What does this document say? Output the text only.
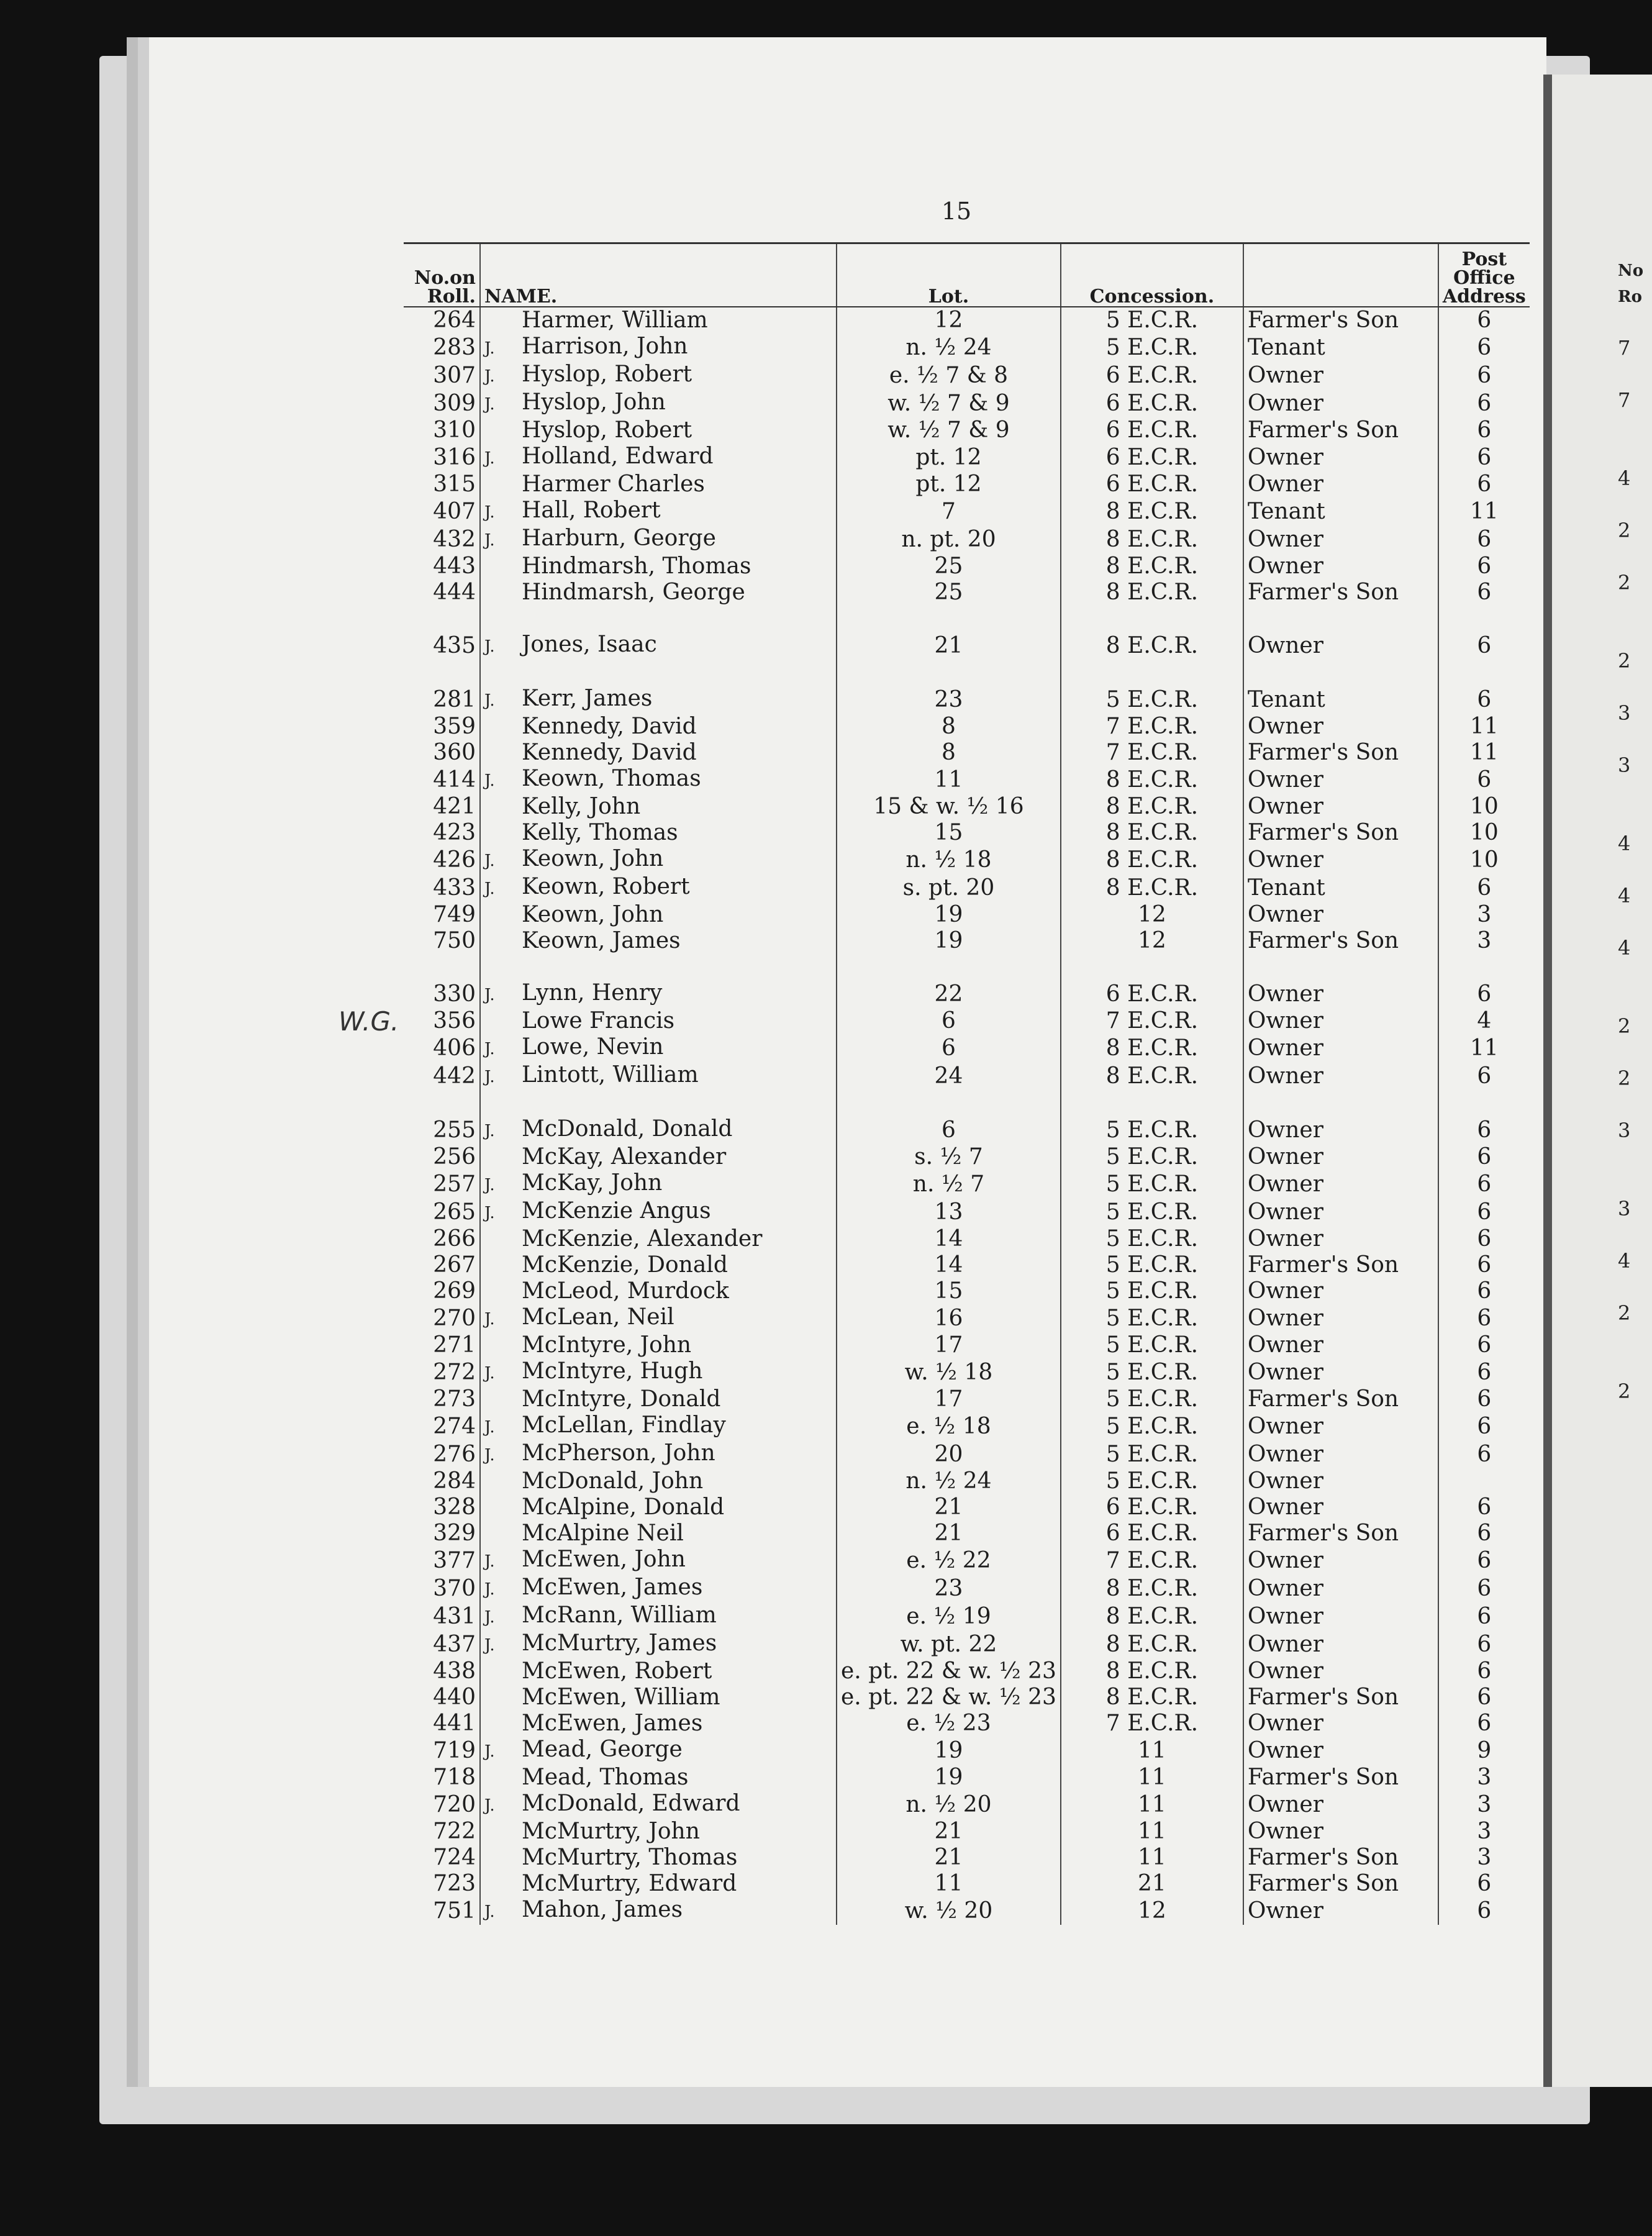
15
No.on Roll.	NAME.	Lot.	Concession.		Post Office Address
264	Harmer, William	12	5 E.C.R.	Farmer's Son	6
283	J. Harrison, John	n. ½ 24	5 E.C.R.	Tenant	6
307	J. Hyslop, Robert	e. ½ 7 & 8	6 E.C.R.	Owner	6
309	J. Hyslop, John	w. ½ 7 & 9	6 E.C.R.	Owner	6
310	Hyslop, Robert	w. ½ 7 & 9	6 E.C.R.	Farmer's Son	6
316	J. Holland, Edward	pt. 12	6 E.C.R.	Owner	6
315	Harmer Charles	pt. 12	6 E.C.R.	Owner	6
407	J. Hall, Robert	7	8 E.C.R.	Tenant	11
432	J. Harburn, George	n. pt. 20	8 E.C.R.	Owner	6
443	Hindmarsh, Thomas	25	8 E.C.R.	Owner	6
444	Hindmarsh, George	25	8 E.C.R.	Farmer's Son	6

435	J. Jones, Isaac	21	8 E.C.R.	Owner	6

281	J. Kerr, James	23	5 E.C.R.	Tenant	6
359	Kennedy, David	8	7 E.C.R.	Owner	11
360	Kennedy, David	8	7 E.C.R.	Farmer's Son	11
414	J. Keown, Thomas	11	8 E.C.R.	Owner	6
421	Kelly, John	15 & w. ½ 16	8 E.C.R.	Owner	10
423	Kelly, Thomas	15	8 E.C.R.	Farmer's Son	10
426	J. Keown, John	n. ½ 18	8 E.C.R.	Owner	10
433	J. Keown, Robert	s. pt. 20	8 E.C.R.	Tenant	6
749	Keown, John	19	12	Owner	3
750	Keown, James	19	12	Farmer's Son	3

330	J. Lynn, Henry	22	6 E.C.R.	Owner	6
356	Lowe Francis	6	7 E.C.R.	Owner	4
406	J. Lowe, Nevin	6	8 E.C.R.	Owner	11
442	J. Lintott, William	24	8 E.C.R.	Owner	6

255	J. McDonald, Donald	6	5 E.C.R.	Owner	6
256	McKay, Alexander	s. ½ 7	5 E.C.R.	Owner	6
257	J. McKay, John	n. ½ 7	5 E.C.R.	Owner	6
265	J. McKenzie Angus	13	5 E.C.R.	Owner	6
266	McKenzie, Alexander	14	5 E.C.R.	Owner	6
267	McKenzie, Donald	14	5 E.C.R.	Farmer's Son	6
269	McLeod, Murdock	15	5 E.C.R.	Owner	6
270	J. McLean, Neil	16	5 E.C.R.	Owner	6
271	McIntyre, John	17	5 E.C.R.	Owner	6
272	J. McIntyre, Hugh	w. ½ 18	5 E.C.R.	Owner	6
273	McIntyre, Donald	17	5 E.C.R.	Farmer's Son	6
274	J. McLellan, Findlay	e. ½ 18	5 E.C.R.	Owner	6
276	J. McPherson, John	20	5 E.C.R.	Owner	6
284	McDonald, John	n. ½ 24	5 E.C.R.	Owner	
328	McAlpine, Donald	21	6 E.C.R.	Owner	6
329	McAlpine Neil	21	6 E.C.R.	Farmer's Son	6
377	J. McEwen, John	e. ½ 22	7 E.C.R.	Owner	6
370	J. McEwen, James	23	8 E.C.R.	Owner	6
431	J. McRann, William	e. ½ 19	8 E.C.R.	Owner	6
437	J. McMurtry, James	w. pt. 22	8 E.C.R.	Owner	6
438	McEwen, Robert	e. pt. 22 & w. ½ 23	8 E.C.R.	Owner	6
440	McEwen, William	e. pt. 22 & w. ½ 23	8 E.C.R.	Farmer's Son	6
441	McEwen, James	e. ½ 23	7 E.C.R.	Owner	6
719	J. Mead, George	19	11	Owner	9
718	Mead, Thomas	19	11	Farmer's Son	3
720	J. McDonald, Edward	n. ½ 20	11	Owner	3
722	McMurtry, John	21	11	Owner	3
724	McMurtry, Thomas	21	11	Farmer's Son	3
723	McMurtry, Edward	11	21	Farmer's Son	6
751	J. Mahon, James	w. ½ 20	12	Owner	6
W.G.
No Ro
7
7
4
2
2
2
3
3
4
4
4
2
2
3
3
4
2
2
